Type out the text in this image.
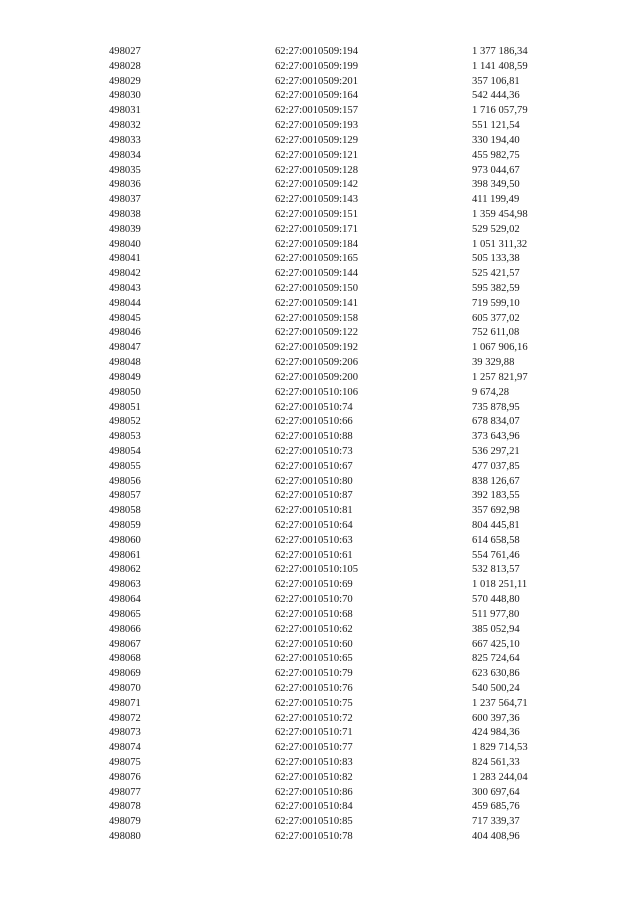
498027	62:27:0010509:194	1 377 186,34
498028	62:27:0010509:199	1 141 408,59
498029	62:27:0010509:201	357 106,81
498030	62:27:0010509:164	542 444,36
498031	62:27:0010509:157	1 716 057,79
498032	62:27:0010509:193	551 121,54
498033	62:27:0010509:129	330 194,40
498034	62:27:0010509:121	455 982,75
498035	62:27:0010509:128	973 044,67
498036	62:27:0010509:142	398 349,50
498037	62:27:0010509:143	411 199,49
498038	62:27:0010509:151	1 359 454,98
498039	62:27:0010509:171	529 529,02
498040	62:27:0010509:184	1 051 311,32
498041	62:27:0010509:165	505 133,38
498042	62:27:0010509:144	525 421,57
498043	62:27:0010509:150	595 382,59
498044	62:27:0010509:141	719 599,10
498045	62:27:0010509:158	605 377,02
498046	62:27:0010509:122	752 611,08
498047	62:27:0010509:192	1 067 906,16
498048	62:27:0010509:206	39 329,88
498049	62:27:0010509:200	1 257 821,97
498050	62:27:0010510:106	9 674,28
498051	62:27:0010510:74	735 878,95
498052	62:27:0010510:66	678 834,07
498053	62:27:0010510:88	373 643,96
498054	62:27:0010510:73	536 297,21
498055	62:27:0010510:67	477 037,85
498056	62:27:0010510:80	838 126,67
498057	62:27:0010510:87	392 183,55
498058	62:27:0010510:81	357 692,98
498059	62:27:0010510:64	804 445,81
498060	62:27:0010510:63	614 658,58
498061	62:27:0010510:61	554 761,46
498062	62:27:0010510:105	532 813,57
498063	62:27:0010510:69	1 018 251,11
498064	62:27:0010510:70	570 448,80
498065	62:27:0010510:68	511 977,80
498066	62:27:0010510:62	385 052,94
498067	62:27:0010510:60	667 425,10
498068	62:27:0010510:65	825 724,64
498069	62:27:0010510:79	623 630,86
498070	62:27:0010510:76	540 500,24
498071	62:27:0010510:75	1 237 564,71
498072	62:27:0010510:72	600 397,36
498073	62:27:0010510:71	424 984,36
498074	62:27:0010510:77	1 829 714,53
498075	62:27:0010510:83	824 561,33
498076	62:27:0010510:82	1 283 244,04
498077	62:27:0010510:86	300 697,64
498078	62:27:0010510:84	459 685,76
498079	62:27:0010510:85	717 339,37
498080	62:27:0010510:78	404 408,96
